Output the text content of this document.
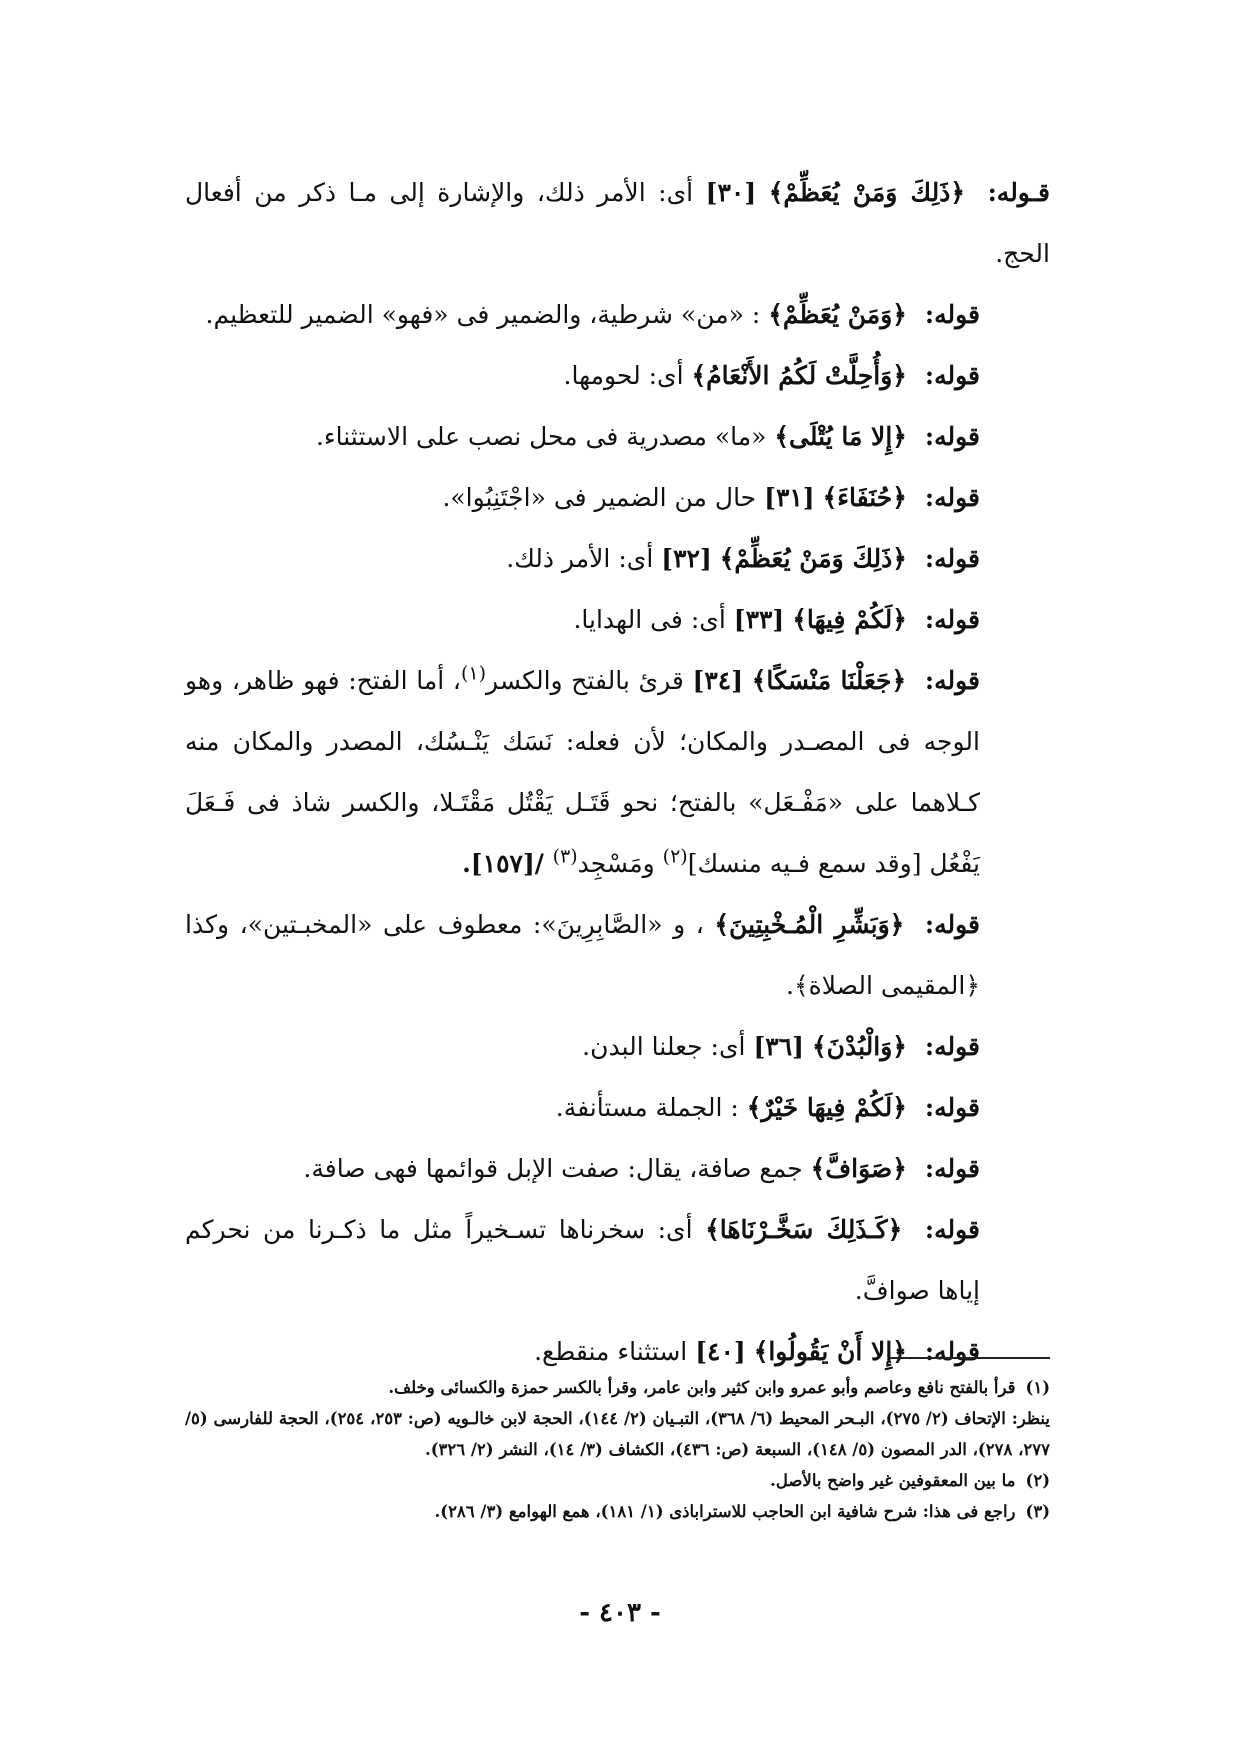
قـوله: ﴿ذَلِكَ وَمَنْ يُعَظِّمْ﴾ [٣٠] أى: الأمر ذلك، والإشارة إلى مـا ذكر من أفعال الحج.

قوله: ﴿وَمَنْ يُعَظِّمْ﴾ : «من» شرطية، والضمير فى «فهو» الضمير للتعظيم.

قوله: ﴿وَأُحِلَّتْ لَكُمُ الأَنْعَامُ﴾ أى: لحومها.

قوله: ﴿إِلا مَا يُتْلَى﴾ «ما» مصدرية فى محل نصب على الاستثناء.

قوله: ﴿حُنَفَاءَ﴾ [٣١] حال من الضمير فى «اجْتَنِبُوا».

قوله: ﴿ذَلِكَ وَمَنْ يُعَظِّمْ﴾ [٣٢] أى: الأمر ذلك.

قوله: ﴿لَكُمْ فِيهَا﴾ [٣٣] أى: فى الهدايا.

قوله: ﴿جَعَلْنَا مَنْسَكًا﴾ [٣٤] قرئ بالفتح والكسر$^{(١)}$، أما الفتح: فهو ظاهر، وهو الوجه فى المصـدر والمكان؛ لأن فعله: نَسَك يَنْـسُك، المصدر والمكان منه كـلاهما على «مَفْـعَل» بالفتح؛ نحو قَتَـل يَقْتُل مَقْتَـلا، والكسر شاذ فى فَـعَلَ يَفْعُل [وقد سمع فـيه منسك]$^{(٢)}$ ومَسْجِد$^{(٣)}$ /[١٥٧].

قوله: ﴿وَبَشِّرِ الْمُـخْبِتِينَ﴾ ، و «الصَّابِرِينَ»: معطوف على «المخبـتين»، وكذا ﴿المقيمى الصلاة﴾.

قوله: ﴿وَالْبُدْنَ﴾ [٣٦] أى: جعلنا البدن.

قوله: ﴿لَكُمْ فِيهَا خَيْرٌ﴾ : الجملة مستأنفة.

قوله: ﴿صَوَافَّ﴾ جمع صافة، يقال: صفت الإبل قوائمها فهى صافة.

قوله: ﴿كَـذَلِكَ سَخَّـرْنَاهَا﴾ أى: سخرناها تسـخيراً مثل ما ذكـرنا من نحركم إياها صوافَّ.

قوله: ﴿إِلا أَنْ يَقُولُوا﴾ [٤٠] استثناء منقطع.

(١)قرأ بالفتح نافع وعاصم وأبو عمرو وابن كثير وابن عامر، وقرأ بالكسر حمزة والكسائى وخلف.

ينظر: الإتحاف (٢/ ٢٧٥)، البـحر المحيط (٦/ ٣٦٨)، التبـيان (٢/ ١٤٤)، الحجة لابن خالـويه (ص: ٢٥٣، ٢٥٤)، الحجة للفارسى (٥/ ٢٧٧، ٢٧٨)، الدر المصون (٥/ ١٤٨)، السبعة (ص: ٤٣٦)، الكشاف (٣/ ١٤)، النشر (٢/ ٣٢٦).

(٢)ما بين المعقوفين غير واضح بالأصل.

(٣)راجع فى هذا: شرح شافية ابن الحاجب للاستراباذى (١/ ١٨١)، همع الهوامع (٣/ ٢٨٦).

- ٤٠٣ -
